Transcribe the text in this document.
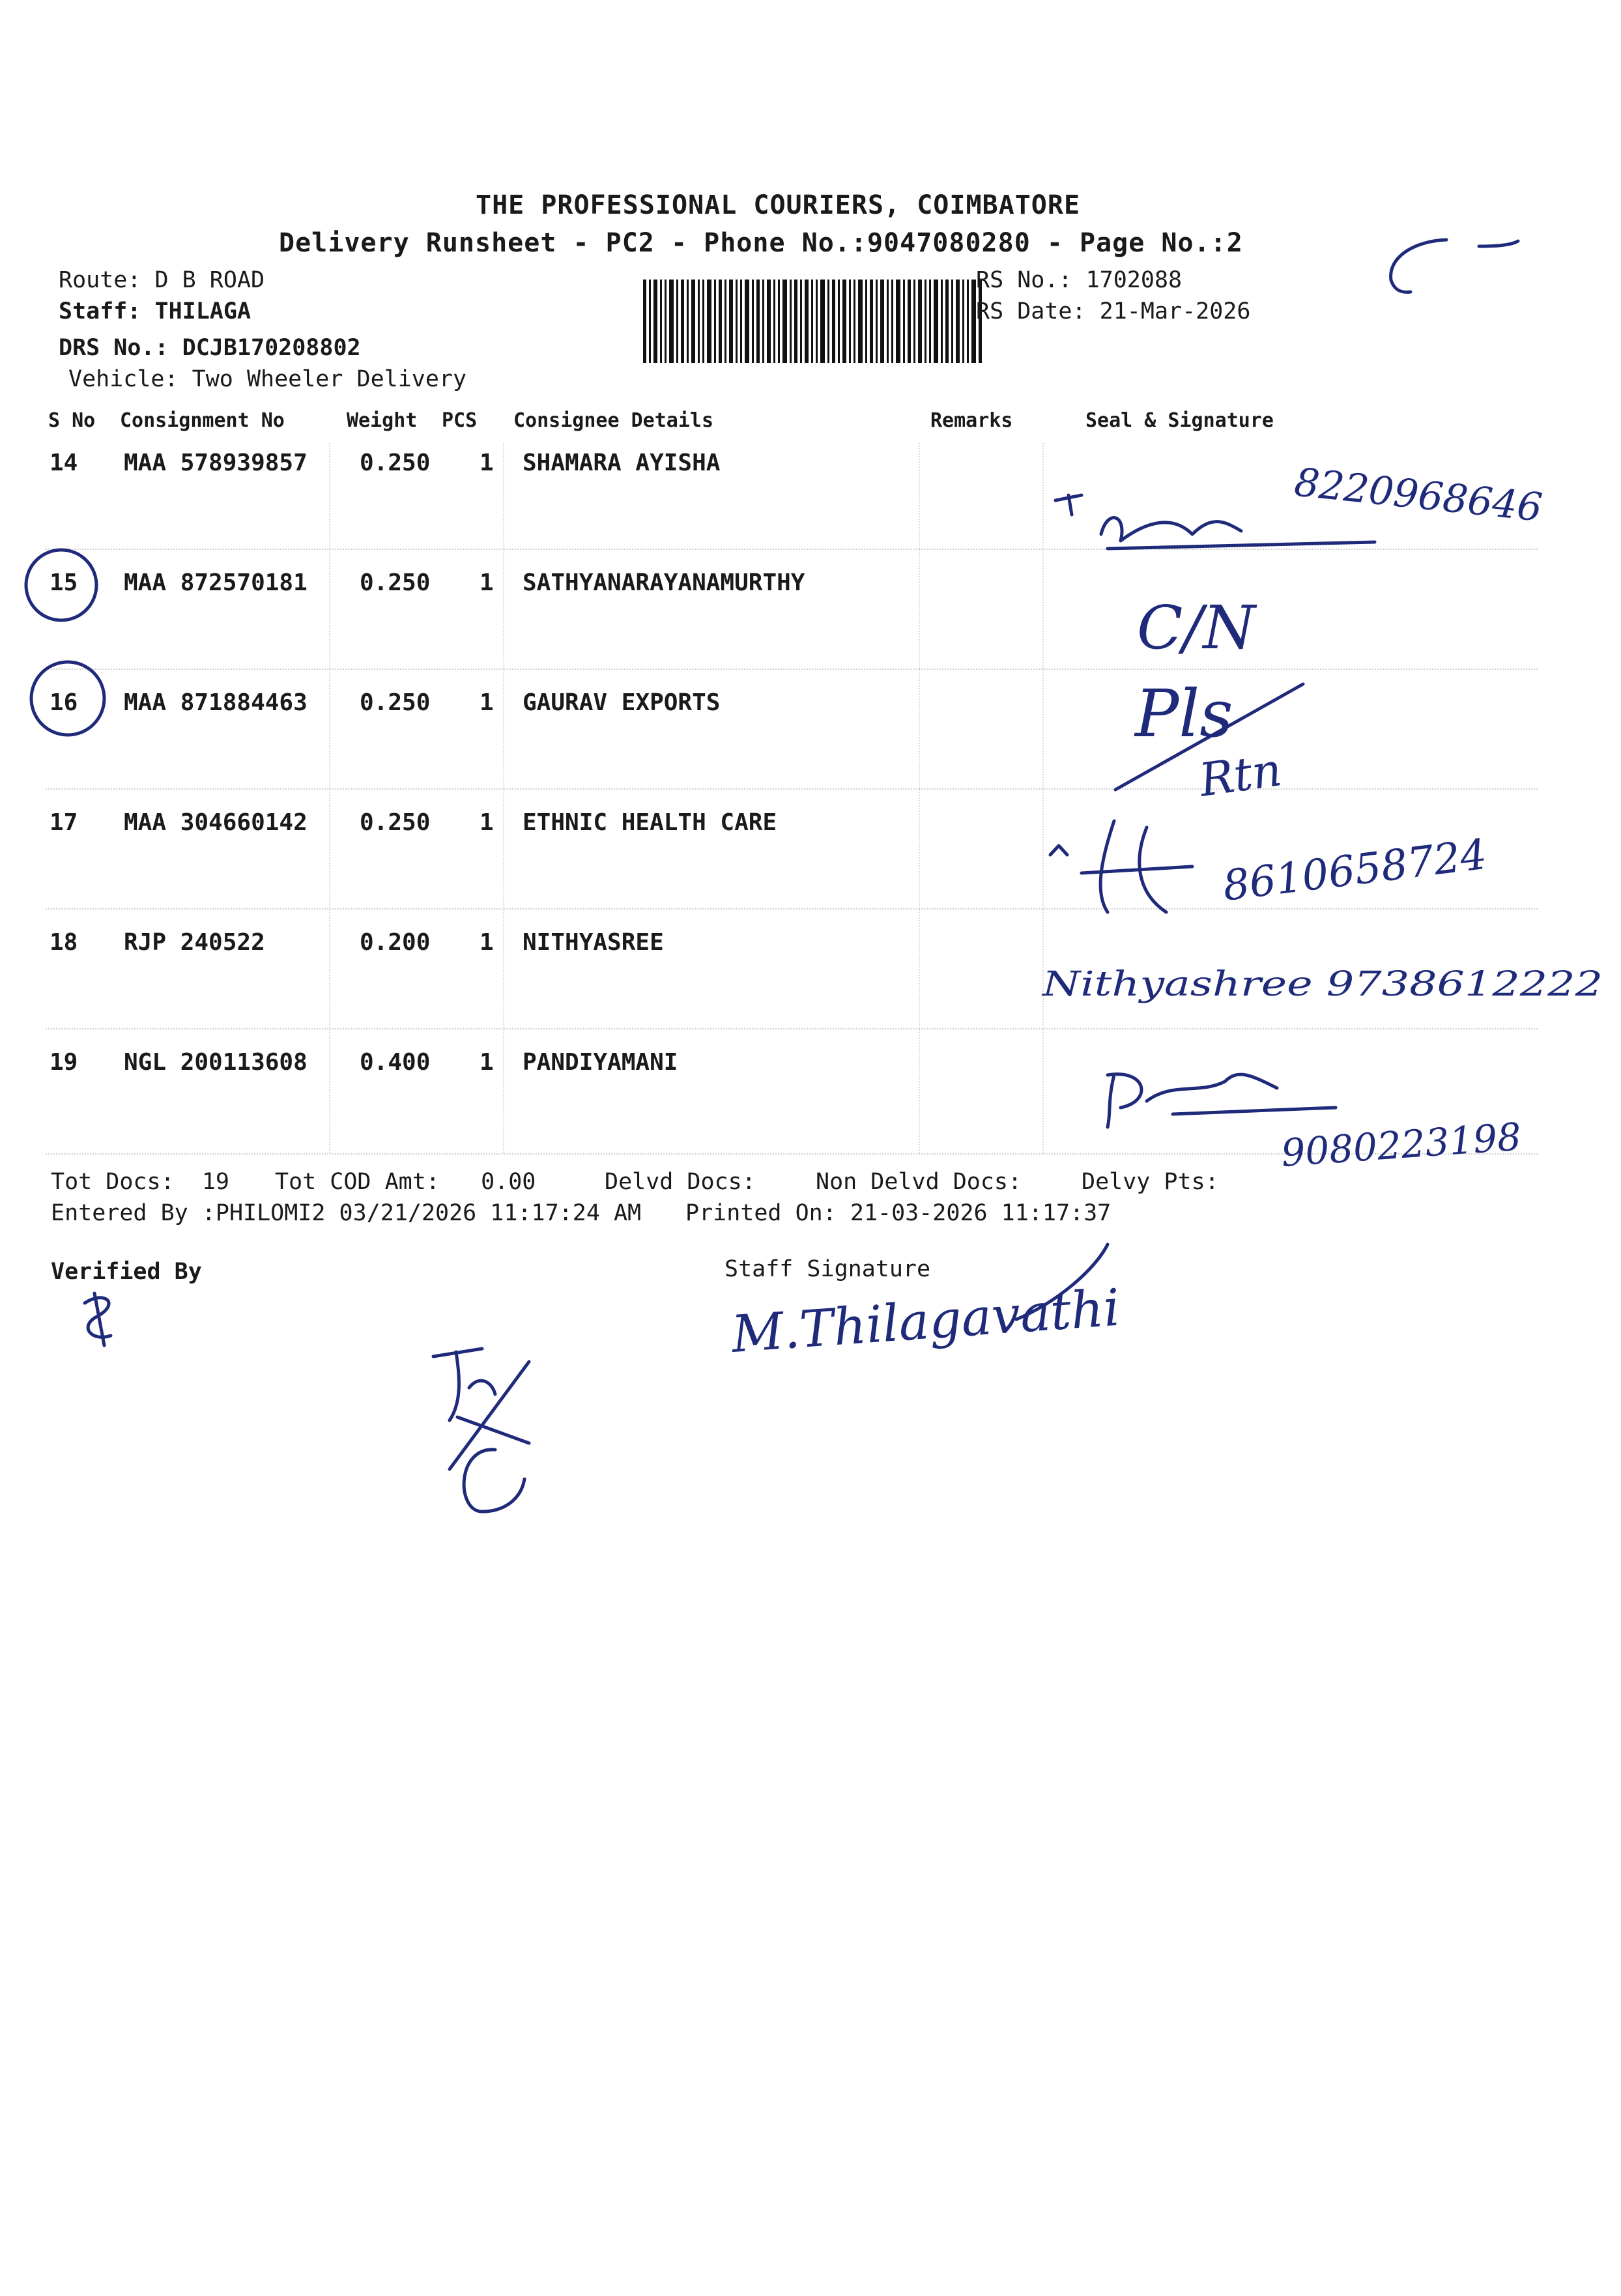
THE PROFESSIONAL COURIERS, COIMBATORE
Delivery Runsheet - PC2 - Phone No.:9047080280 - Page No.:2
Route: D B ROAD
Staff: THILAGA
DRS No.: DCJB170208802
Vehicle: Two Wheeler Delivery

RS No.: 1702088
RS Date: 21-Mar-2026
S No Consignment No	Weight PCS Consignee Details	Remarks	Seal & Signature
14 MAA 578939857 0.250 1 SHAMARA AYISHA
15 MAA 872570181 0.250 1 SATHYANARAYANAMURTHY
16 MAA 871884463 0.250 1 GAURAV EXPORTS
17 MAA 304660142 0.250 1 ETHNIC HEALTH CARE
18 RJP 240522	0.200 1 NITHYASREE
19 NGL 200113608 0.400 1 PANDIYAMANI
Tot Docs: 19 Tot COD Amt: 0.00	Delvd Docs:	Non Delvd Docs:	Delvy Pts:
Entered By :PHILOMI2 03/21/2026 11:17:24 AM Printed On: 21-03-2026 11:17:37
Verified By	Staff Signature
8220968646
C/N
Pls
Rtn
8610658724
Nithyashree 9738612222
9080223198
M.Thilagavathi
